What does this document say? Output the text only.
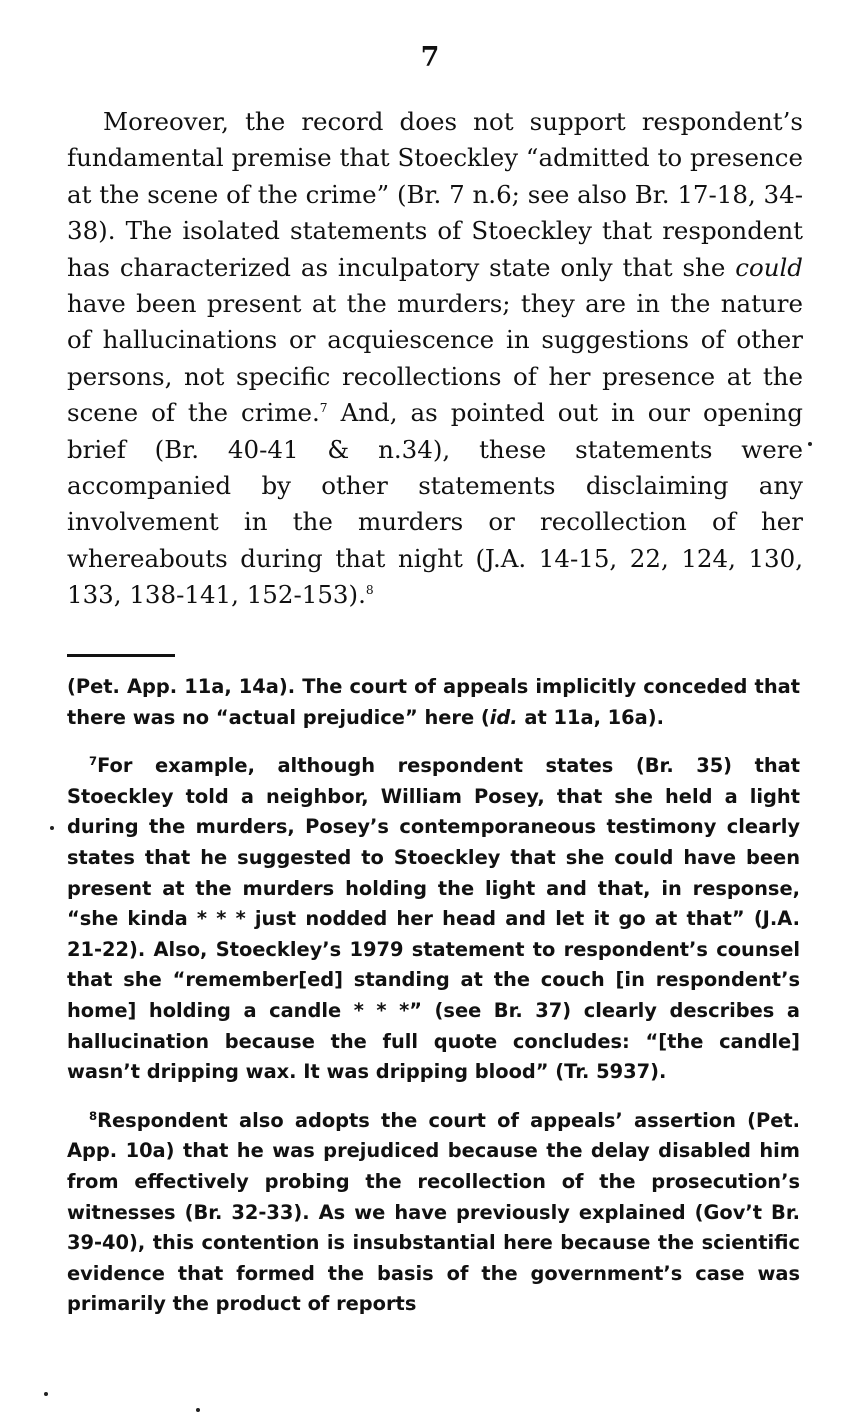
7

Moreover, the record does not support respondent’s fundamental premise that Stoeckley “admitted to presence at the scene of the crime” (Br. 7 n.6; see also Br. 17-18, 34-38). The isolated statements of Stoeckley that respondent has characterized as inculpatory state only that she could have been present at the murders; they are in the nature of hallucinations or acquiescence in suggestions of other persons, not specific recollections of her presence at the scene of the crime.$^7$ And, as pointed out in our opening brief (Br. 40-41 & n.34), these statements were accompanied by other statements disclaiming any involvement in the murders or recollection of her whereabouts during that night (J.A. 14-15, 22, 124, 130, 133, 138-141, 152-153).$^8$

(Pet. App. 11a, 14a). The court of appeals implicitly conceded that there was no “actual prejudice” here (id. at 11a, 16a).

$^7$For example, although respondent states (Br. 35) that Stoeckley told a neighbor, William Posey, that she held a light during the murders, Posey’s contemporaneous testimony clearly states that he suggested to Stoeckley that she could have been present at the murders holding the light and that, in response, “she kinda * * * just nodded her head and let it go at that” (J.A. 21-22). Also, Stoeckley’s 1979 statement to respondent’s counsel that she “remember[ed] standing at the couch [in respondent’s home] holding a candle * * *” (see Br. 37) clearly describes a hallucination because the full quote concludes: “[the candle] wasn’t dripping wax. It was dripping blood” (Tr. 5937).

$^8$Respondent also adopts the court of appeals’ assertion (Pet. App. 10a) that he was prejudiced because the delay disabled him from effectively probing the recollection of the prosecution’s witnesses (Br. 32-33). As we have previously explained (Gov’t Br. 39-40), this contention is insubstantial here because the scientific evidence that formed the basis of the government’s case was primarily the product of reports
